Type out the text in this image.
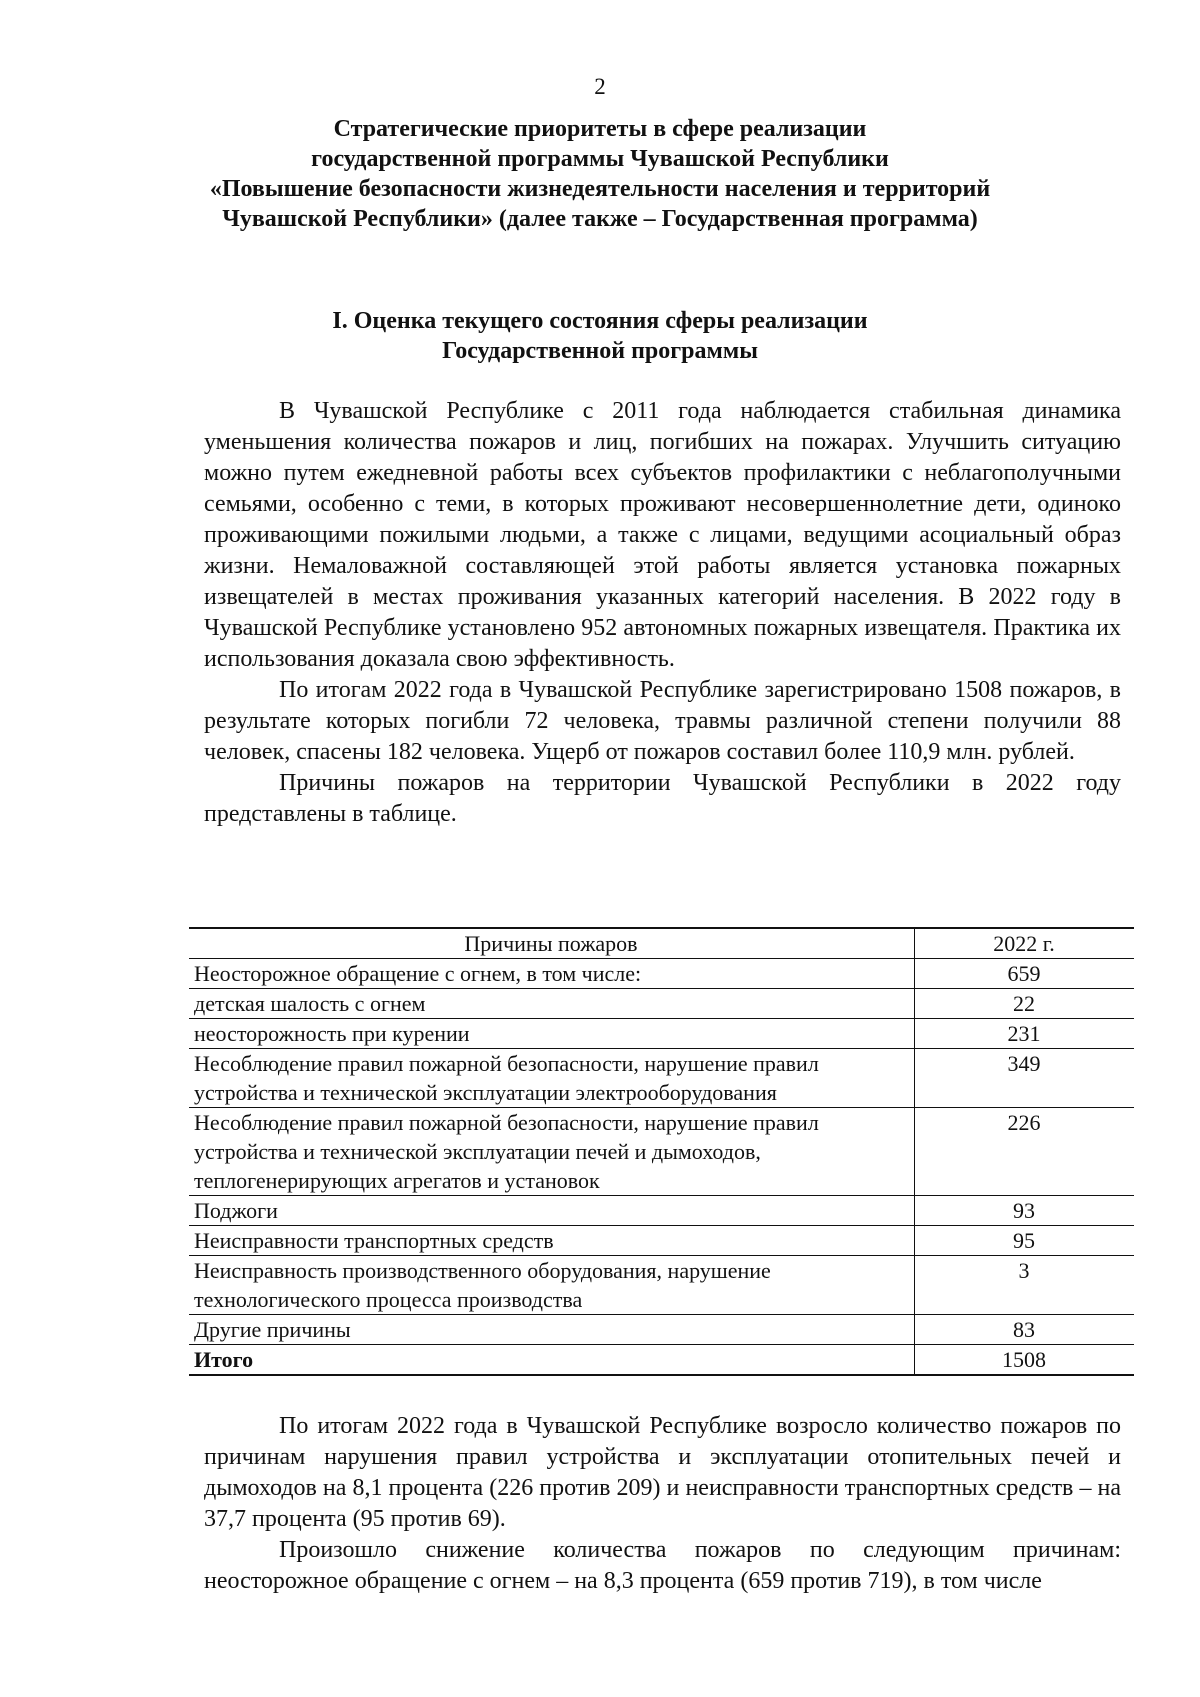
2
Стратегические приоритеты в сфере реализации
государственной программы Чувашской Республики
«Повышение безопасности жизнедеятельности населения и территорий
Чувашской Республики» (далее также – Государственная программа)
I. Оценка текущего состояния сферы реализации
Государственной программы

В Чувашской Республике с 2011 года наблюдается стабильная динамика уменьшения количества пожаров и лиц, погибших на пожарах. Улучшить ситуацию можно путем ежедневной работы всех субъектов профилактики с неблагополучными семьями, особенно с теми, в которых проживают несовершеннолетние дети, одиноко проживающими пожилыми людьми, а также с лицами, ведущими асоциальный образ жизни. Немаловажной составляющей этой работы является установка пожарных извещателей в местах проживания указанных категорий населения. В 2022 году в Чувашской Республике установлено 952 автономных пожарных извещателя. Практика их использования доказала свою эффективность.

По итогам 2022 года в Чувашской Республике зарегистрировано 1508 пожаров, в результате которых погибли 72 человека, травмы различной степени получили 88 человек, спасены 182 человека. Ущерб от пожаров составил более 110,9 млн. рублей.

Причины пожаров на территории Чувашской Республики в 2022 году представлены в таблице.

Причины пожаров	2022 г.
Неосторожное обращение с огнем, в том числе:	659
детская шалость с огнем	22
неосторожность при курении	231
Несоблюдение правил пожарной безопасности, нарушение правил устройства и технической эксплуатации электрооборудования	349
Несоблюдение правил пожарной безопасности, нарушение правил устройства и технической эксплуатации печей и дымоходов, теплогенерирующих агрегатов и установок	226
Поджоги	93
Неисправности транспортных средств	95
Неисправность производственного оборудования, нарушение технологического процесса производства	3
Другие причины	83
Итого	1508

По итогам 2022 года в Чувашской Республике возросло количество пожаров по причинам нарушения правил устройства и эксплуатации отопительных печей и дымоходов на 8,1 процента (226 против 209) и неисправности транспортных средств – на 37,7 процента (95 против 69).

Произошло снижение количества пожаров по следующим причинам: неосторожное обращение с огнем – на 8,3 процента (659 против 719), в том числе
